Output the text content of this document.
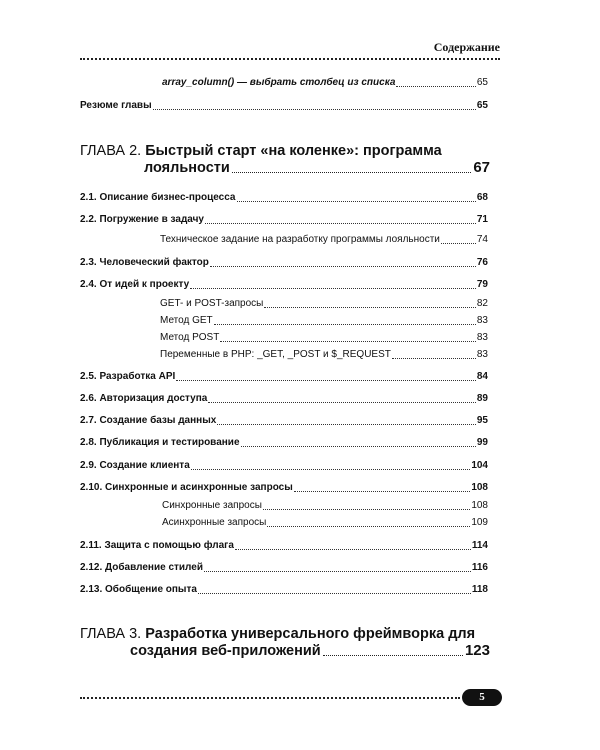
Содержание
array_column() — выбрать столбец из списка	65
Резюме главы	65
ГЛАВА 2. Быстрый старт «на коленке»: программа
лояльности	67
2.1. Описание бизнес-процесса	68
2.2. Погружение в задачу	71
Техническое задание на разработку программы лояльности	74
2.3. Человеческий фактор	76
2.4. От идей к проекту	79
GET- и POST-запросы	82
Метод GET	83
Метод POST	83
Переменные в PHP: _GET, _POST и $_REQUEST	83
2.5. Разработка API	84
2.6. Авторизация доступа	89
2.7. Создание базы данных	95
2.8. Публикация и тестирование	99
2.9. Создание клиента	104
2.10. Синхронные и асинхронные запросы	108
Синхронные запросы	108
Асинхронные запросы	109
2.11. Защита с помощью флага	114
2.12. Добавление стилей	116
2.13. Обобщение опыта	118
ГЛАВА 3. Разработка универсального фреймворка для
создания веб-приложений	123
5
